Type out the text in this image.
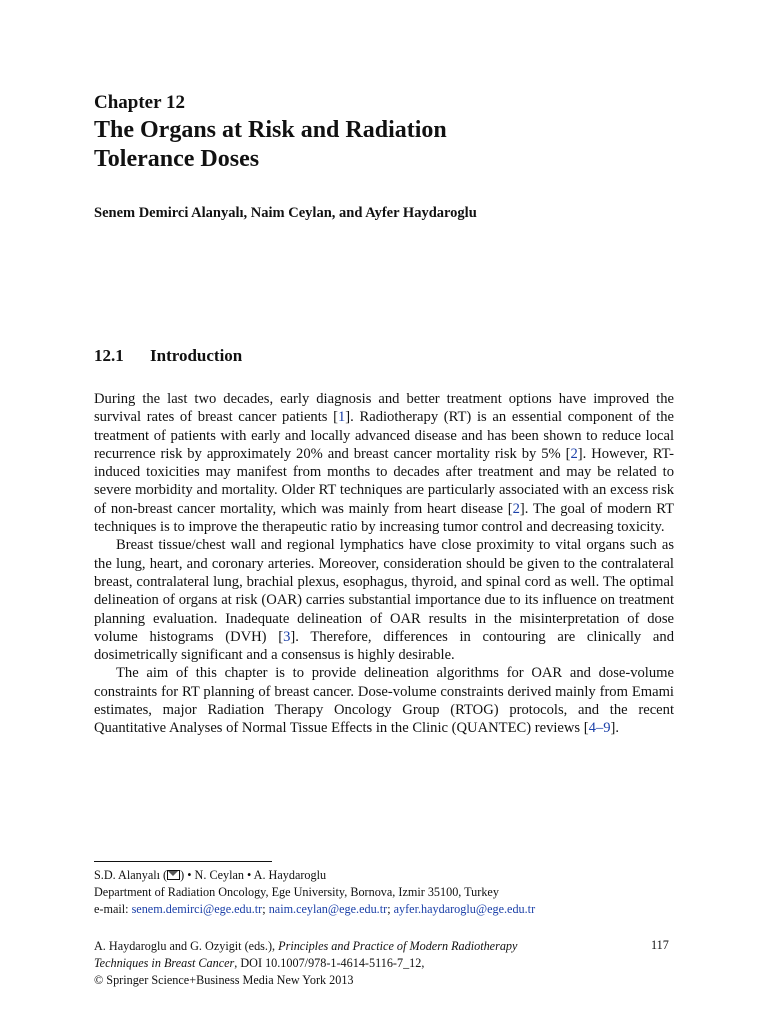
Chapter 12
The Organs at Risk and Radiation
Tolerance Doses
Senem Demirci Alanyalı, Naim Ceylan, and Ayfer Haydaroglu
12.1 Introduction

During the last two decades, early diagnosis and better treatment options have improved the survival rates of breast cancer patients [1]. Radiotherapy (RT) is an essential component of the treatment of patients with early and locally advanced disease and has been shown to reduce local recurrence risk by approximately 20% and breast cancer mortality risk by 5% [2]. However, RT-induced toxicities may manifest from months to decades after treatment and may be related to severe morbidity and mortality. Older RT techniques are particularly associated with an excess risk of non-breast cancer mortality, which was mainly from heart disease [2]. The goal of modern RT techniques is to improve the therapeutic ratio by increasing tumor control and decreasing toxicity.

Breast tissue/chest wall and regional lymphatics have close proximity to vital organs such as the lung, heart, and coronary arteries. Moreover, consideration should be given to the contralateral breast, contralateral lung, brachial plexus, esophagus, thyroid, and spinal cord as well. The optimal delineation of organs at risk (OAR) carries substantial importance due to its influence on treatment planning evaluation. Inadequate delineation of OAR results in the misinterpretation of dose volume histograms (DVH) [3]. Therefore, differences in contouring are clinically and dosimetrically significant and a consensus is highly desirable.

The aim of this chapter is to provide delineation algorithms for OAR and dose-volume constraints for RT planning of breast cancer. Dose-volume constraints derived mainly from Emami estimates, major Radiation Therapy Oncology Group (RTOG) protocols, and the recent Quantitative Analyses of Normal Tissue Effects in the Clinic (QUANTEC) reviews [4–9].

S.D. Alanyalı ( ) • N. Ceylan • A. Haydaroglu
Department of Radiation Oncology, Ege University, Bornova, Izmir 35100, Turkey
e-mail: senem.demirci@ege.edu.tr; naim.ceylan@ege.edu.tr; ayfer.haydaroglu@ege.edu.tr
A. Haydaroglu and G. Ozyigit (eds.), Principles and Practice of Modern Radiotherapy Techniques in Breast Cancer, DOI 10.1007/978-1-4614-5116-7_12,
© Springer Science+Business Media New York 2013
117
